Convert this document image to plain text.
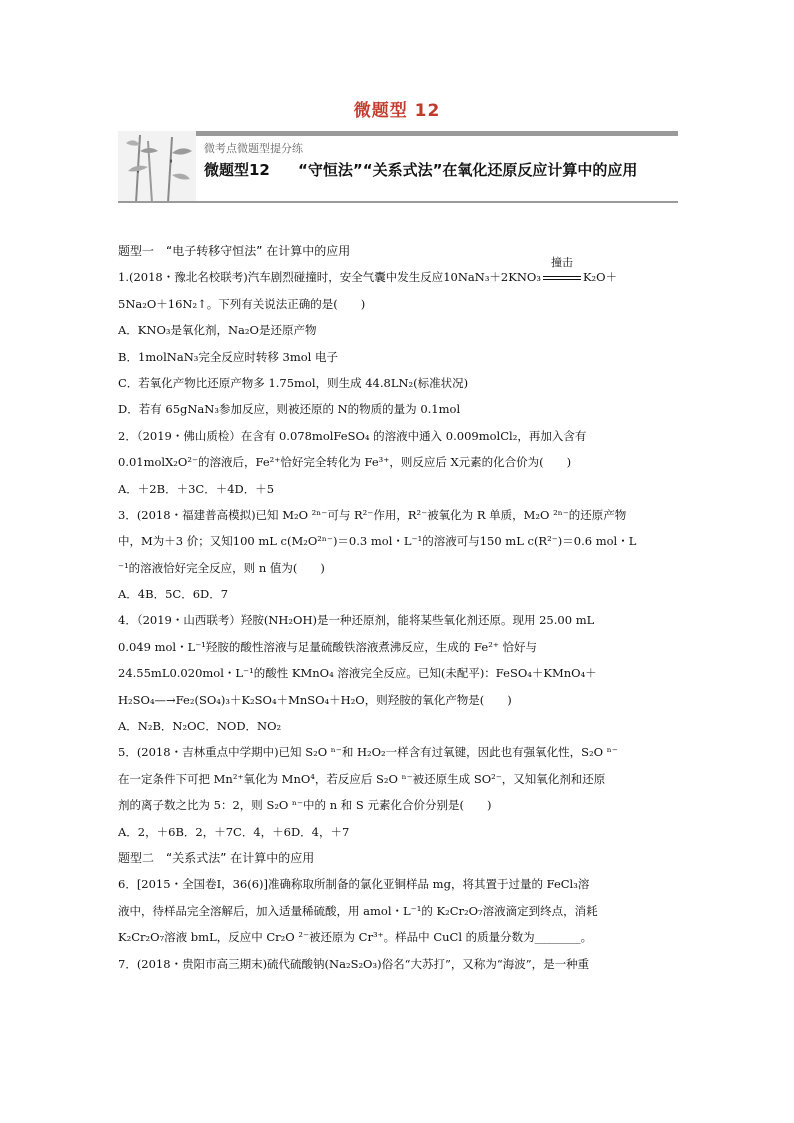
微题型 12
微考点微题型提分练
微题型12 “守恒法”“关系式法”在氧化还原反应计算中的应用
题型一　“电子转移守恒法” 在计算中的应用
1.(2018・豫北名校联考)汽车剧烈碰撞时，安全气囊中发生反应10NaN₃＋2KNO₃
撞击
K₂O＋
5Na₂O＋16N₂↑。下列有关说法正确的是(　　)
A．KNO₃是氧化剂，Na₂O是还原产物
B．1molNaN₃完全反应时转移 3mol 电子
C．若氧化产物比还原产物多 1.75mol，则生成 44.8LN₂(标准状况)
D．若有 65gNaN₃参加反应，则被还原的 N的物质的量为 0.1mol
2．（2019・佛山质检）在含有 0.078molFeSO₄ 的溶液中通入 0.009molCl₂，再加入含有
0.01molX₂O²⁻的溶液后，Fe²⁺恰好完全转化为 Fe³⁺，则反应后 X元素的化合价为(　　)
A．＋2B．＋3C．＋4D．＋5
3．(2018・福建普高模拟)已知 M₂O ²ⁿ⁻可与 R²⁻作用，R²⁻被氧化为 R 单质，M₂O ²ⁿ⁻的还原产物
中，M为＋3 价；又知100 mL c(M₂O²ⁿ⁻)＝0.3 mol・L⁻¹的溶液可与150 mL c(R²⁻)＝0.6 mol・L
⁻¹的溶液恰好完全反应，则 n 值为(　　)
A．4B．5C．6D．7
4．（2019・山西联考）羟胺(NH₂OH)是一种还原剂，能将某些氧化剂还原。现用 25.00 mL
0.049 mol・L⁻¹羟胺的酸性溶液与足量硫酸铁溶液煮沸反应，生成的 Fe²⁺ 恰好与
24.55mL0.020mol・L⁻¹的酸性 KMnO₄ 溶液完全反应。已知(未配平)：FeSO₄＋KMnO₄＋
H₂SO₄—→Fe₂(SO₄)₃＋K₂SO₄＋MnSO₄＋H₂O，则羟胺的氧化产物是(　　)
A．N₂B．N₂OC．NOD．NO₂
5．(2018・吉林重点中学期中)已知 S₂O ⁿ⁻和 H₂O₂一样含有过氧键，因此也有强氧化性，S₂O ⁿ⁻
在一定条件下可把 Mn²⁺氧化为 MnO⁴，若反应后 S₂O ⁿ⁻被还原生成 SO²⁻，又知氧化剂和还原
剂的离子数之比为 5：2，则 S₂O ⁿ⁻中的 n 和 S 元素化合价分别是(　　)
A．2，＋6B．2，＋7C．4，＋6D．4，＋7
题型二　“关系式法” 在计算中的应用
6．[2015・全国卷Ⅰ，36(6)]准确称取所制备的氯化亚铜样品 mg，将其置于过量的 FeCl₃溶
液中，待样品完全溶解后，加入适量稀硫酸，用 amol・L⁻¹的 K₂Cr₂O₇溶液滴定到终点，消耗
K₂Cr₂O₇溶液 bmL，反应中 Cr₂O ²⁻被还原为 Cr³⁺。样品中 CuCl 的质量分数为________。
7．(2018・贵阳市高三期末)硫代硫酸钠(Na₂S₂O₃)俗名“大苏打”，又称为“海波”，是一种重
